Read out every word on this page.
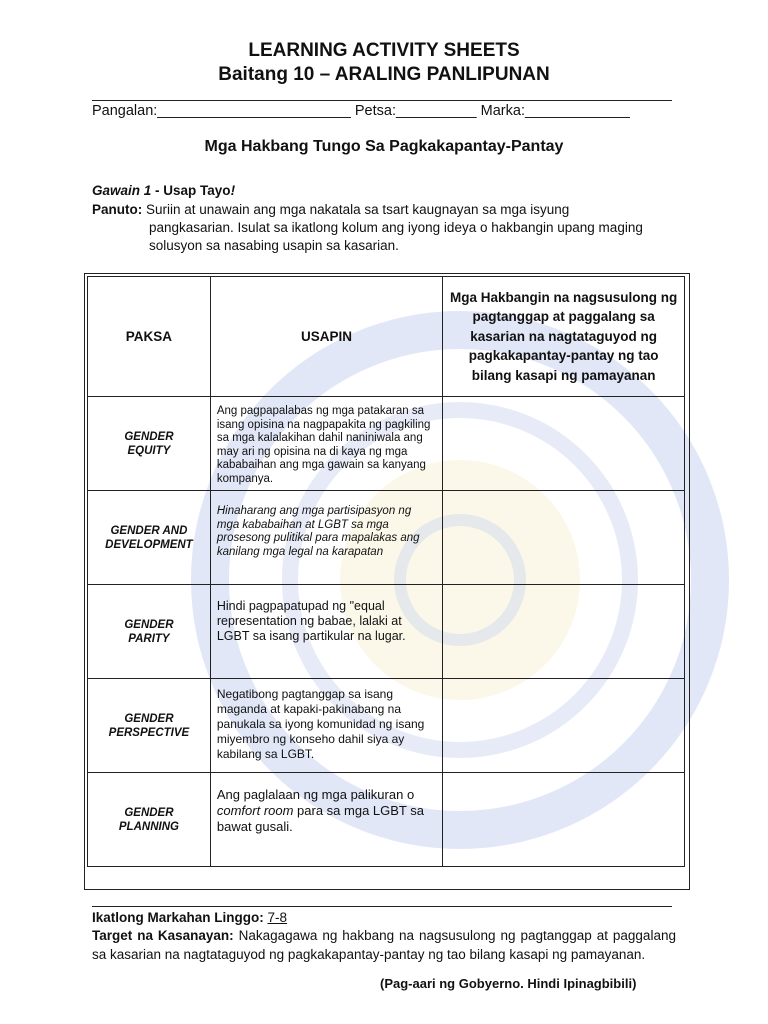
LEARNING ACTIVITY SHEETS
Baitang 10 – ARALING PANLIPUNAN
Pangalan:________________________ Petsa:__________ Marka:_____________
Mga Hakbang Tungo Sa Pagkakapantay-Pantay
Gawain 1 - Usap Tayo!
Panuto: Suriin at unawain ang mga nakatala sa tsart kaugnayan sa mga isyung
pangkasarian. Isulat sa ikatlong kolum ang iyong ideya o hakbangin upang maging solusyon sa nasabing usapin sa kasarian.
PAKSA	USAPIN	Mga Hakbangin na nagsusulong ng pagtanggap at paggalang sa kasarian na nagtataguyod ng pagkakapantay-pantay ng tao bilang kasapi ng pamayanan
GENDER
EQUITY	Ang pagpapalabas ng mga patakaran sa isang opisina na nagpapakita ng pagkiling sa mga kalalakihan dahil naniniwala ang may ari ng opisina na di kaya ng mga kababaihan ang mga gawain sa kanyang kompanya.	
GENDER AND
DEVELOPMENT	Hinaharang ang mga partisipasyon ng mga kababaihan at LGBT sa mga prosesong pulitikal para mapalakas ang kanilang mga legal na karapatan	
GENDER
PARITY	Hindi pagpapatupad ng "equal representation ng babae, lalaki at LGBT sa isang partikular na lugar.	
GENDER
PERSPECTIVE	Negatibong pagtanggap sa isang maganda at kapaki-pakinabang na panukala sa iyong komunidad ng isang miyembro ng konseho dahil siya ay kabilang sa LGBT.	
GENDER
PLANNING	Ang paglalaan ng mga palikuran o comfort room para sa mga LGBT sa bawat gusali.	
Ikatlong Markahan Linggo: 7-8
Target na Kasanayan: Nakagagawa ng hakbang na nagsusulong ng pagtanggap at paggalang sa kasarian na nagtataguyod ng pagkakapantay-pantay ng tao bilang kasapi ng pamayanan.
(Pag-aari ng Gobyerno. Hindi Ipinagbibili)
